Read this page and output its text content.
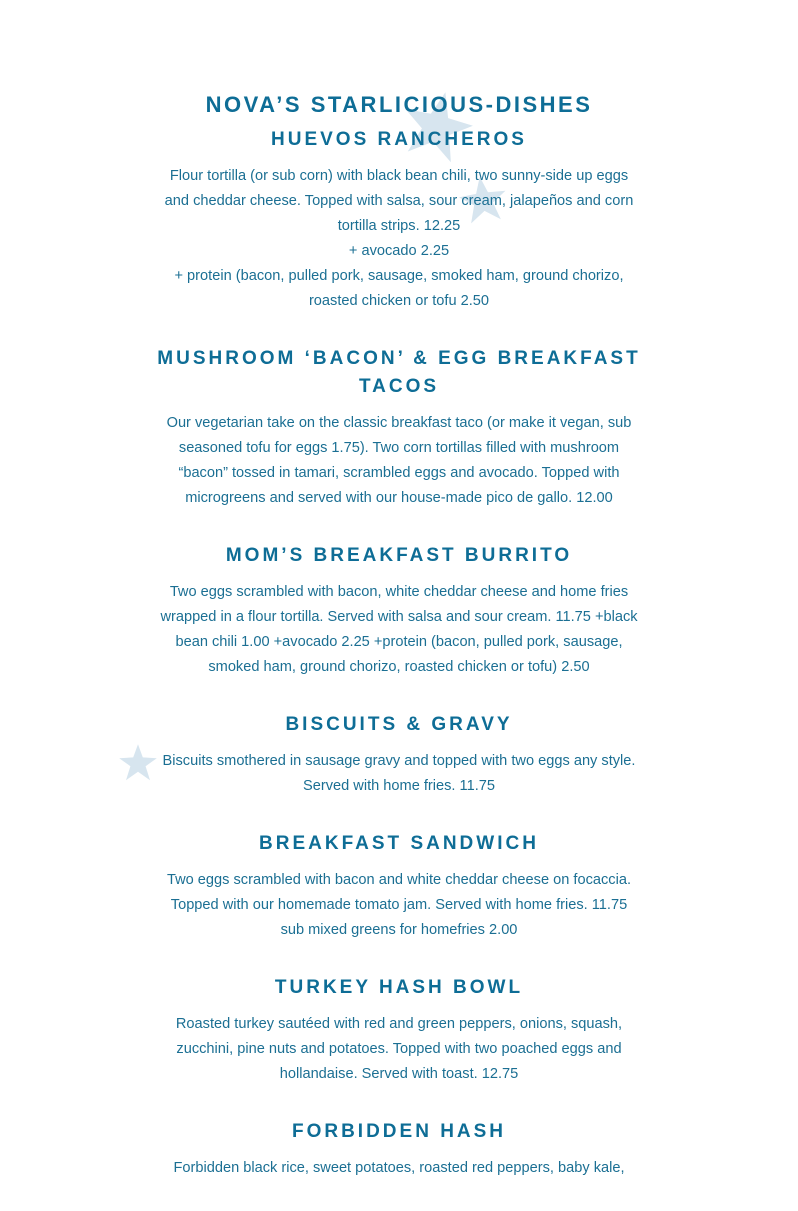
NOVA’S STARLICIOUS-DISHES
HUEVOS RANCHEROS
Flour tortilla (or sub corn) with black bean chili, two sunny-side up eggs
and cheddar cheese. Topped with salsa, sour cream, jalapeños and corn
tortilla strips. 12.25
+ avocado 2.25
+ protein (bacon, pulled pork, sausage, smoked ham, ground chorizo,
roasted chicken or tofu 2.50
MUSHROOM ‘BACON’ & EGG BREAKFAST
TACOS
Our vegetarian take on the classic breakfast taco (or make it vegan, sub
seasoned tofu for eggs 1.75). Two corn tortillas filled with mushroom
“bacon” tossed in tamari, scrambled eggs and avocado. Topped with
microgreens and served with our house-made pico de gallo. 12.00
MOM’S BREAKFAST BURRITO
Two eggs scrambled with bacon, white cheddar cheese and home fries
wrapped in a flour tortilla. Served with salsa and sour cream. 11.75 +black
bean chili 1.00 +avocado 2.25 +protein (bacon, pulled pork, sausage,
smoked ham, ground chorizo, roasted chicken or tofu) 2.50
BISCUITS & GRAVY
Biscuits smothered in sausage gravy and topped with two eggs any style.
Served with home fries. 11.75
BREAKFAST SANDWICH
Two eggs scrambled with bacon and white cheddar cheese on focaccia.
Topped with our homemade tomato jam. Served with home fries. 11.75
sub mixed greens for homefries 2.00
TURKEY HASH BOWL
Roasted turkey sautéed with red and green peppers, onions, squash,
zucchini, pine nuts and potatoes. Topped with two poached eggs and
hollandaise. Served with toast. 12.75
FORBIDDEN HASH
Forbidden black rice, sweet potatoes, roasted red peppers, baby kale,
